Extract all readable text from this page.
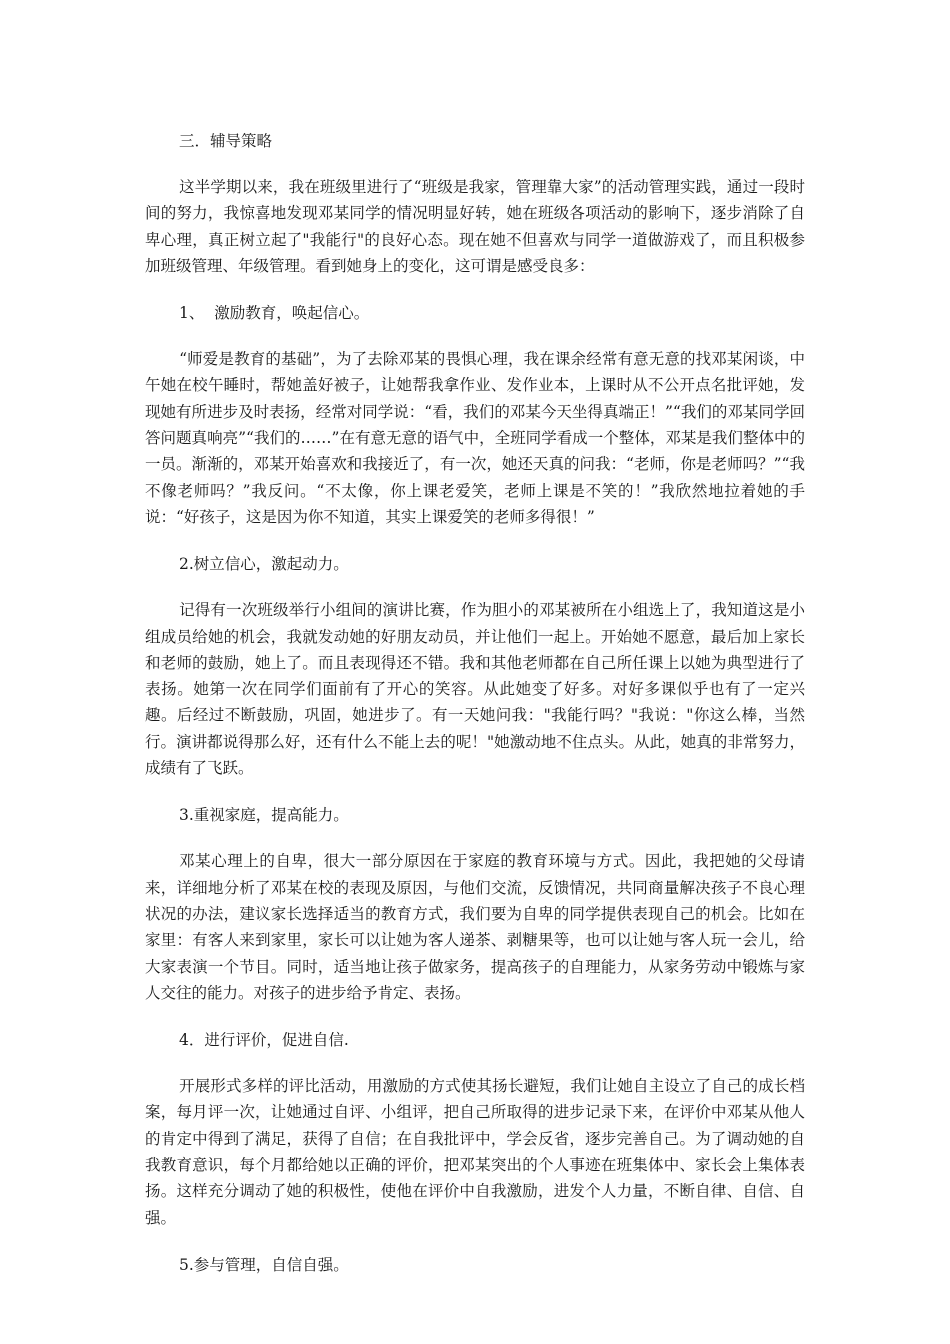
三．辅导策略

这半学期以来，我在班级里进行了“班级是我家，管理靠大家”的活动管理实践，通过一段时间的努力，我惊喜地发现邓某同学的情况明显好转，她在班级各项活动的影响下，逐步消除了自卑心理，真正树立起了"我能行"的良好心态。现在她不但喜欢与同学一道做游戏了，而且积极参加班级管理、年级管理。看到她身上的变化，这可谓是感受良多：

1、  激励教育，唤起信心。

“师爱是教育的基础”，为了去除邓某的畏惧心理，我在课余经常有意无意的找邓某闲谈，中午她在校午睡时，帮她盖好被子，让她帮我拿作业、发作业本，上课时从不公开点名批评她，发现她有所进步及时表扬，经常对同学说：“看，我们的邓某今天坐得真端正！”“我们的邓某同学回答问题真响亮”“我们的……”在有意无意的语气中，全班同学看成一个整体，邓某是我们整体中的一员。渐渐的，邓某开始喜欢和我接近了，有一次，她还天真的问我：“老师，你是老师吗？”“我不像老师吗？”我反问。“不太像，你上课老爱笑，老师上课是不笑的！”我欣然地拉着她的手说：“好孩子，这是因为你不知道，其实上课爱笑的老师多得很！”

2.树立信心，激起动力。

记得有一次班级举行小组间的演讲比赛，作为胆小的邓某被所在小组选上了，我知道这是小组成员给她的机会，我就发动她的好朋友动员，并让他们一起上。开始她不愿意，最后加上家长和老师的鼓励，她上了。而且表现得还不错。我和其他老师都在自己所任课上以她为典型进行了表扬。她第一次在同学们面前有了开心的笑容。从此她变了好多。对好多课似乎也有了一定兴趣。后经过不断鼓励，巩固，她进步了。有一天她问我："我能行吗？"我说："你这么棒，当然行。演讲都说得那么好，还有什么不能上去的呢！"她激动地不住点头。从此，她真的非常努力，成绩有了飞跃。

3.重视家庭，提高能力。

邓某心理上的自卑，很大一部分原因在于家庭的教育环境与方式。因此，我把她的父母请来，详细地分析了邓某在校的表现及原因，与他们交流，反馈情况，共同商量解决孩子不良心理状况的办法，建议家长选择适当的教育方式，我们要为自卑的同学提供表现自己的机会。比如在家里：有客人来到家里，家长可以让她为客人递茶、剥糖果等，也可以让她与客人玩一会儿，给大家表演一个节目。同时，适当地让孩子做家务，提高孩子的自理能力，从家务劳动中锻炼与家人交往的能力。对孩子的进步给予肯定、表扬。

4．进行评价，促进自信.

开展形式多样的评比活动，用激励的方式使其扬长避短，我们让她自主设立了自己的成长档案，每月评一次，让她通过自评、小组评，把自己所取得的进步记录下来，在评价中邓某从他人的肯定中得到了满足，获得了自信；在自我批评中，学会反省，逐步完善自己。为了调动她的自我教育意识，每个月都给她以正确的评价，把邓某突出的个人事迹在班集体中、家长会上集体表扬。这样充分调动了她的积极性，使他在评价中自我激励，进发个人力量，不断自律、自信、自强。

5.参与管理，自信自强。
